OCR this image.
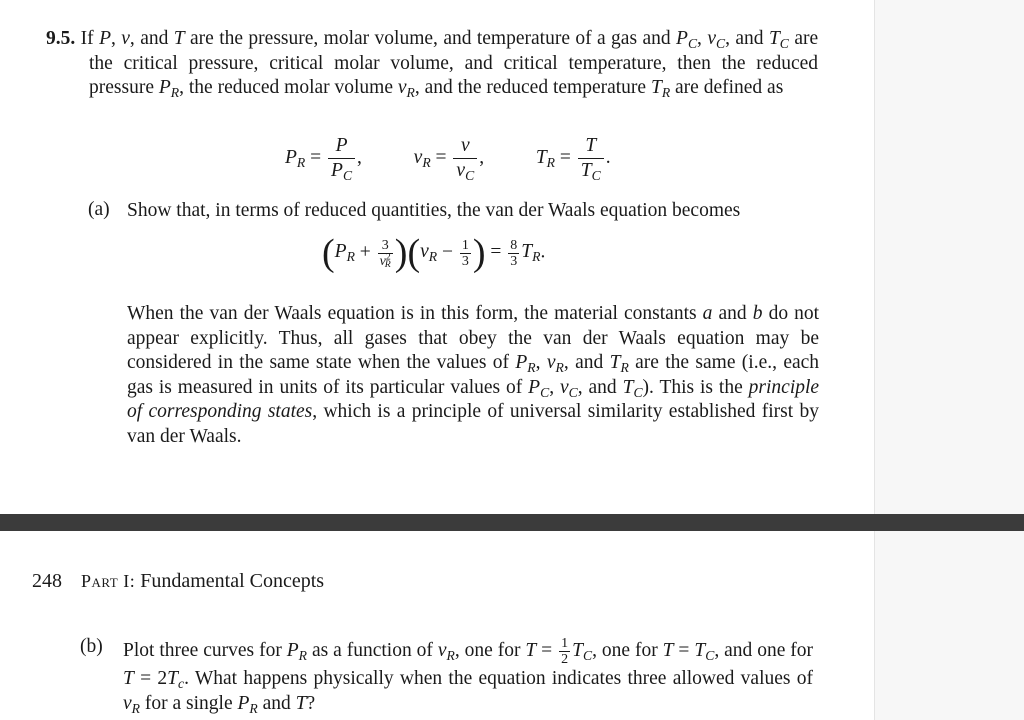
9.5. If P, v, and T are the pressure, molar volume, and temperature of a gas and $P_C$, $v_C$, and $T_C$ are the critical pressure, critical molar volume, and critical temperature, then the reduced pressure $P_R$, the reduced molar volume $v_R$, and the reduced temperature $T_R$ are defined as

$P_R = \frac{P}{P_C}$ ,  $v_R = \frac{v}{v_C}$ ,  $T_R = \frac{T}{T_C}$ .
(a) Show that, in terms of reduced quantities, the van der Waals equation becomes

$(P_R + \frac{3}{v^2_R} )(v_R - \frac{1}{3}$ ) = $\frac{8}{3} T_R$.

When the van der Waals equation is in this form, the material constants a and b do not appear explicitly. Thus, all gases that obey the van der Waals equation may be considered in the same state when the values of $P_R$, $v_R$, and $T_R$ are the same (i.e., each gas is measured in units of its particular values of $P_C$, $v_C$, and $T_C$). This is the principle of corresponding states, which is a principle of universal similarity established first by van der Waals.

248 Part I: Fundamental Concepts
(b) Plot three curves for $P_R$ as a function of $v_R$, one for $T = \frac{1}{2} T_C$, one for $T = T_C$, and one for $T = 2T_c$. What happens physically when the equation indicates three allowed values of $v_R$ for a single $P_R$ and T?
